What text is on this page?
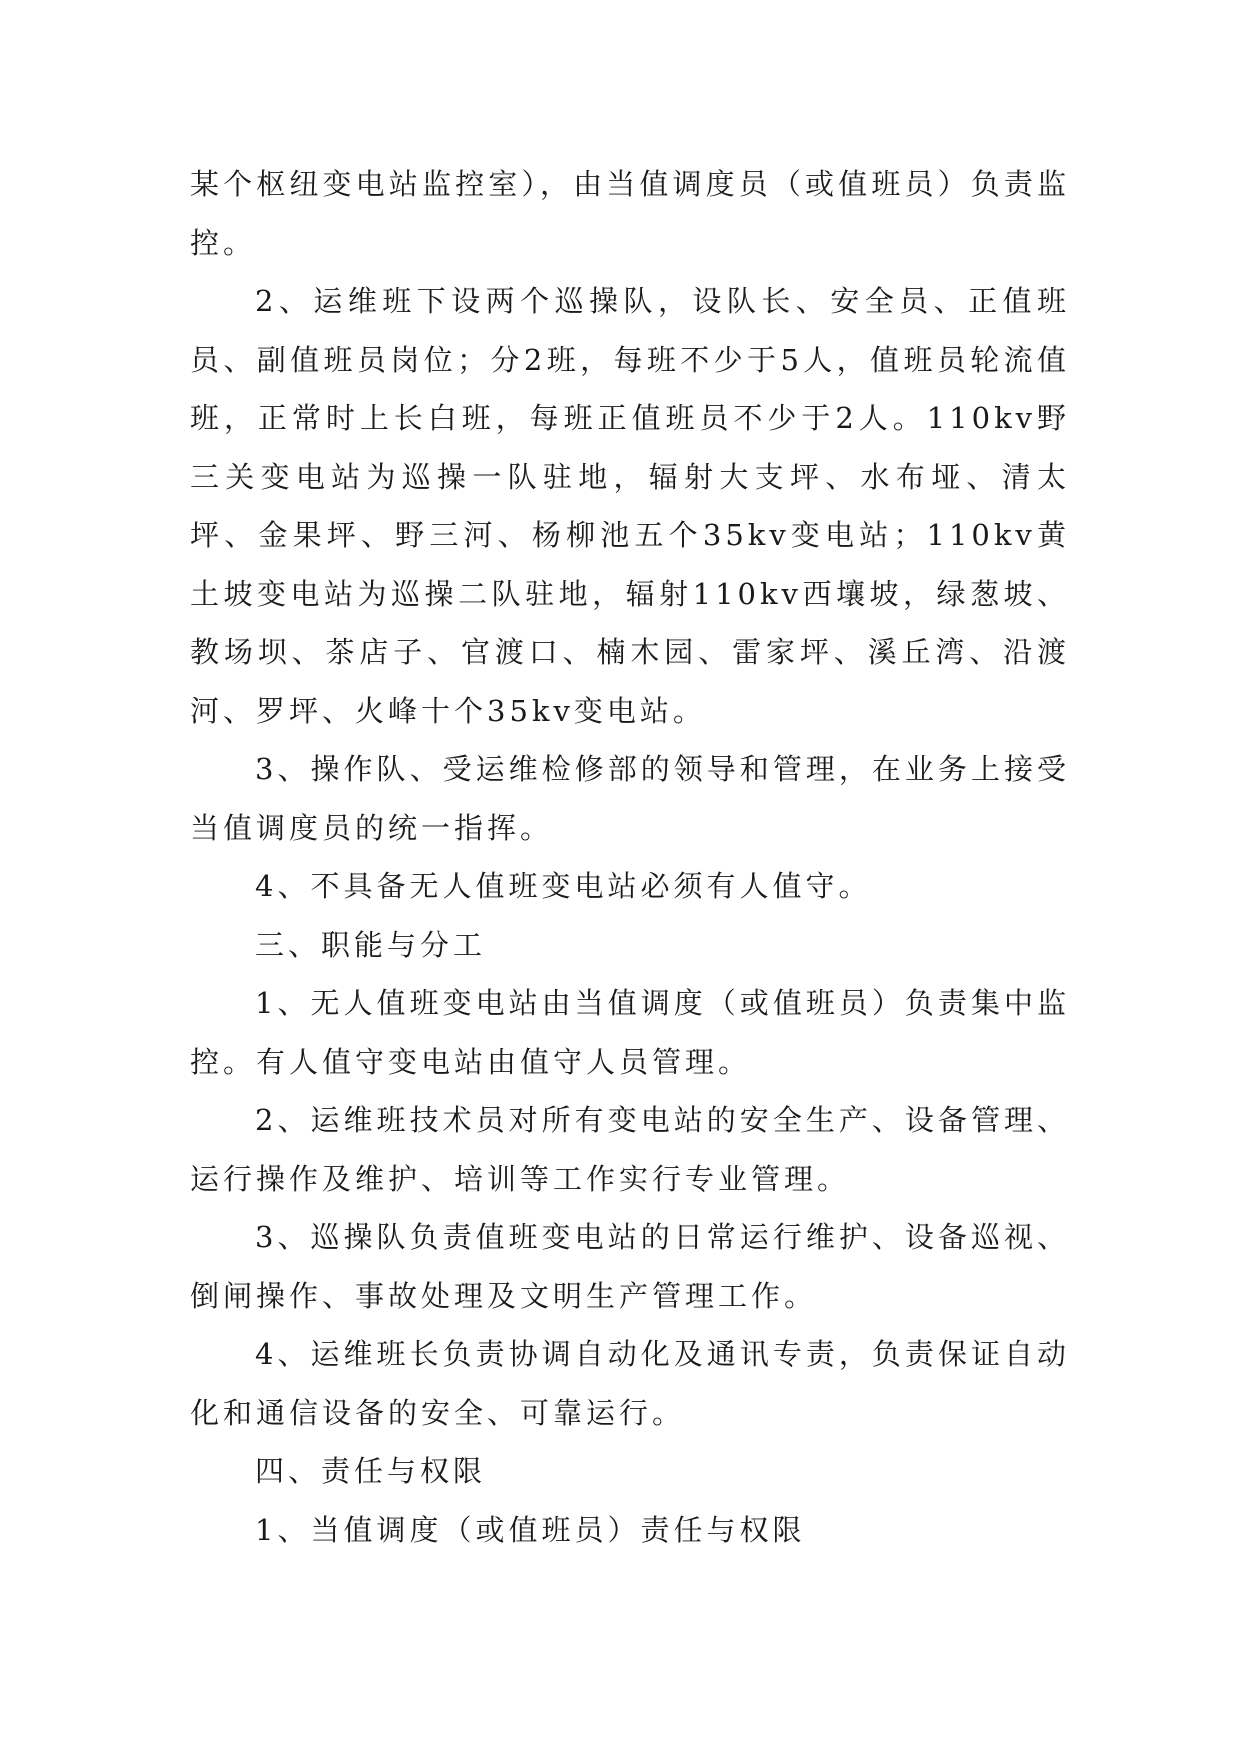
某个枢纽变电站监控室），由当值调度员（或值班员）负责监控。

2、运维班下设两个巡操队，设队长、安全员、正值班员、副值班员岗位；分2班，每班不少于5人，值班员轮流值班，正常时上长白班，每班正值班员不少于2人。110kv野三关变电站为巡操一队驻地，辐射大支坪、水布垭、清太坪、金果坪、野三河、杨柳池五个35kv变电站；110kv黄土坡变电站为巡操二队驻地，辐射110kv西壤坡，绿葱坡、教场坝、茶店子、官渡口、楠木园、雷家坪、溪丘湾、沿渡河、罗坪、火峰十个35kv变电站。

3、操作队、受运维检修部的领导和管理，在业务上接受当值调度员的统一指挥。

4、不具备无人值班变电站必须有人值守。

三、职能与分工

1、无人值班变电站由当值调度（或值班员）负责集中监控。有人值守变电站由值守人员管理。

2、运维班技术员对所有变电站的安全生产、设备管理、运行操作及维护、培训等工作实行专业管理。

3、巡操队负责值班变电站的日常运行维护、设备巡视、倒闸操作、事故处理及文明生产管理工作。

4、运维班长负责协调自动化及通讯专责，负责保证自动化和通信设备的安全、可靠运行。

四、责任与权限

1、当值调度（或值班员）责任与权限
